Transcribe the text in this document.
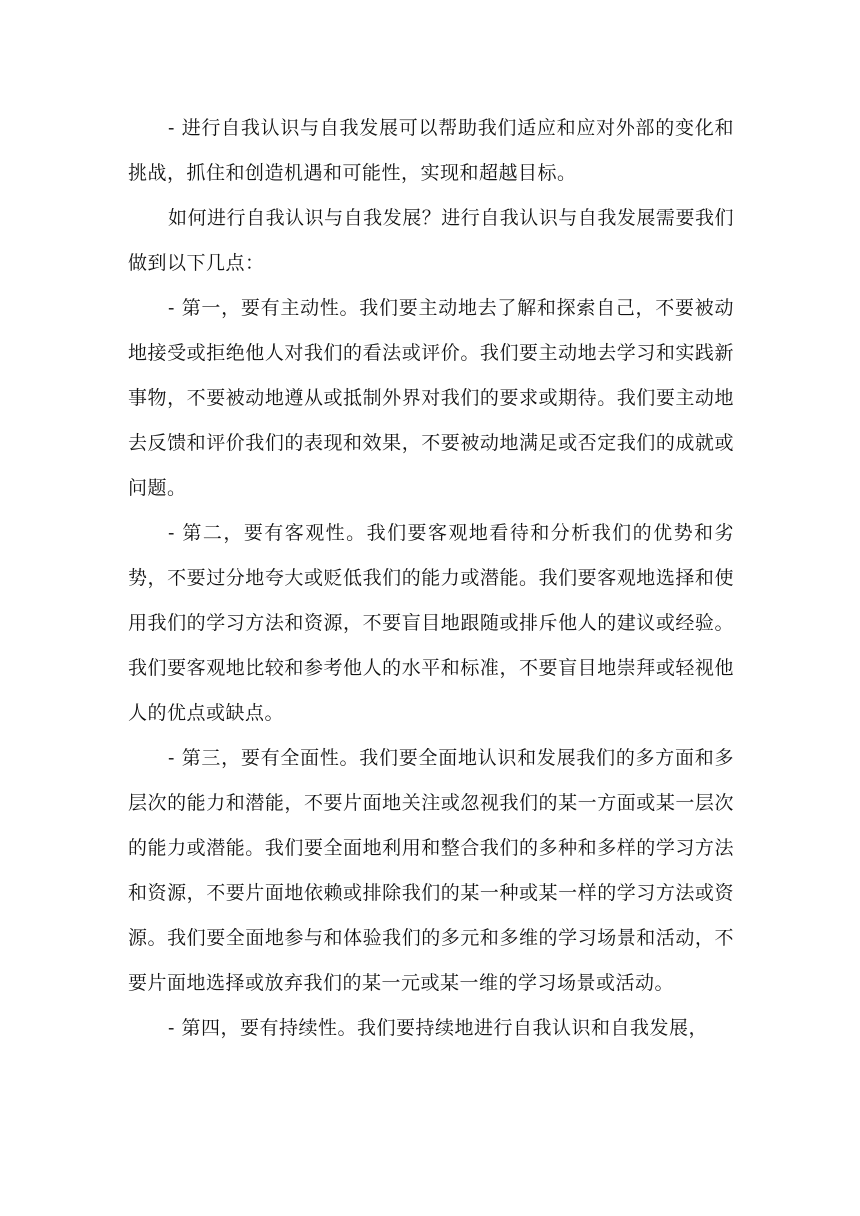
- 进行自我认识与自我发展可以帮助我们适应和应对外部的变化和挑战，抓住和创造机遇和可能性，实现和超越目标。

如何进行自我认识与自我发展？进行自我认识与自我发展需要我们做到以下几点：

- 第一，要有主动性。我们要主动地去了解和探索自己，不要被动地接受或拒绝他人对我们的看法或评价。我们要主动地去学习和实践新事物，不要被动地遵从或抵制外界对我们的要求或期待。我们要主动地去反馈和评价我们的表现和效果，不要被动地满足或否定我们的成就或问题。

- 第二，要有客观性。我们要客观地看待和分析我们的优势和劣势，不要过分地夸大或贬低我们的能力或潜能。我们要客观地选择和使用我们的学习方法和资源，不要盲目地跟随或排斥他人的建议或经验。我们要客观地比较和参考他人的水平和标准，不要盲目地崇拜或轻视他人的优点或缺点。

- 第三，要有全面性。我们要全面地认识和发展我们的多方面和多层次的能力和潜能，不要片面地关注或忽视我们的某一方面或某一层次的能力或潜能。我们要全面地利用和整合我们的多种和多样的学习方法和资源，不要片面地依赖或排除我们的某一种或某一样的学习方法或资源。我们要全面地参与和体验我们的多元和多维的学习场景和活动，不要片面地选择或放弃我们的某一元或某一维的学习场景或活动。

- 第四，要有持续性。我们要持续地进行自我认识和自我发展，
